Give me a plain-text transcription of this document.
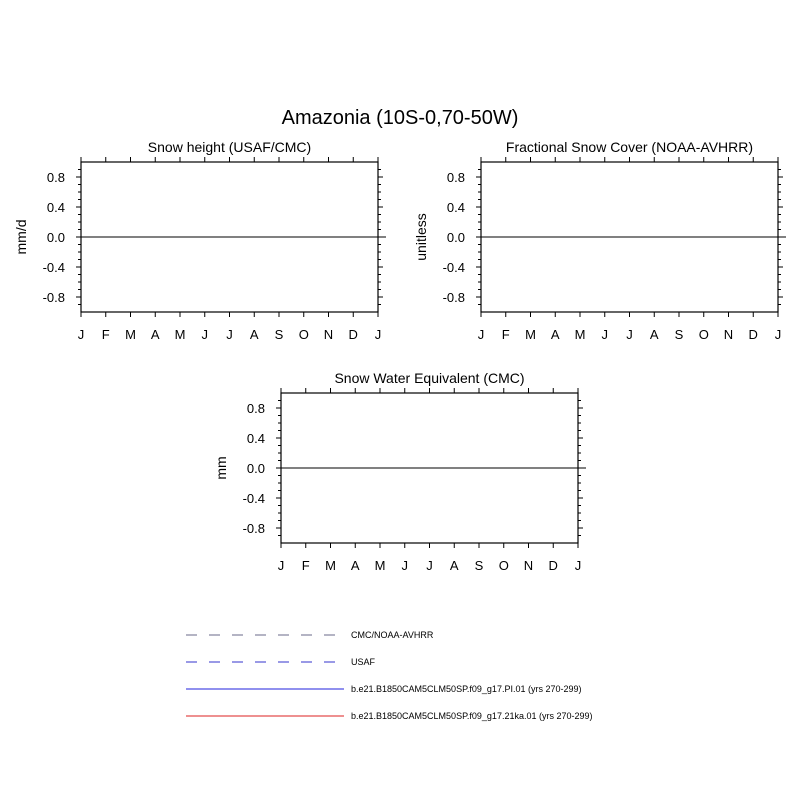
Amazonia (10S-0,70-50W)
0.8
0.4
0.0
-0.4
-0.8
J F M A M J J A S O N D J
Snow height (USAF/CMC)
mm/d
0.8
0.4
0.0
-0.4
-0.8
J F M A M J J A S O N D J
Fractional Snow Cover (NOAA-AVHRR)
unitless
0.8
0.4
0.0
-0.4
-0.8
J F M A M J J A S O N D J
Snow Water Equivalent (CMC)
mm
CMC/NOAA-AVHRR
USAF
b.e21.B1850CAM5CLM50SP.f09_g17.PI.01 (yrs 270-299)
b.e21.B1850CAM5CLM50SP.f09_g17.21ka.01 (yrs 270-299)
